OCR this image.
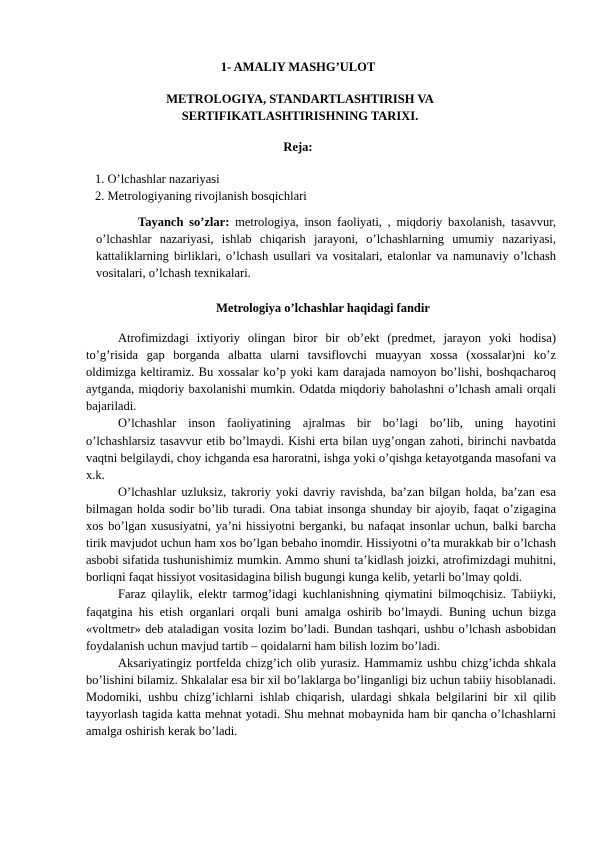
1- AMALIY MASHG’ULOT
METROLOGIYA, STANDARTLASHTIRISH VA
SERTIFIKATLASHTIRISHNING TARIXI.
Reja:
1. O’lchashlar nazariyasi
2. Metrologiyaning rivojlanish bosqichlari
Tayanch so’zlar: metrologiya, inson faoliyati, , miqdoriy baxolanish, tasavvur, o’lchashlar nazariyasi, ishlab chiqarish jarayoni, o’lchashlarning umumiy nazariyasi, kattaliklarning birliklari, o’lchash usullari va vositalari, etalonlar va namunaviy o’lchash vositalari, o’lchash texnikalari.
Metrologiya o’lchashlar haqidagi fandir

Atrofimizdagi ixtiyoriy olingan biror bir ob’ekt (predmet, jarayon yoki hodisa) to’g’risida gap borganda albatta ularni tavsiflovchi muayyan xossa (xossalar)ni ko’z oldimizga keltiramiz. Bu xossalar ko’p yoki kam darajada namoyon bo’lishi, boshqacharoq aytganda, miqdoriy baxolanishi mumkin. Odatda miqdoriy baholashni o’lchash amali orqali bajariladi.

O’lchashlar inson faoliyatining ajralmas bir bo’lagi bo’lib, uning hayotini o’lchashlarsiz tasavvur etib bo’lmaydi. Kishi erta bilan uyg’ongan zahoti, birinchi navbatda vaqtni belgilaydi, choy ichganda esa haroratni, ishga yoki o’qishga ketayotganda masofani va x.k.

O’lchashlar uzluksiz, takroriy yoki davriy ravishda, ba’zan bilgan holda, ba’zan esa bilmagan holda sodir bo’lib turadi. Ona tabiat insonga shunday bir ajoyib, faqat o’zigagina xos bo’lgan xususiyatni, ya’ni hissiyotni berganki, bu nafaqat insonlar uchun, balki barcha tirik mavjudot uchun ham xos bo’lgan bebaho inomdir. Hissiyotni o’ta murakkab bir o’lchash asbobi sifatida tushunishimiz mumkin. Ammo shuni ta’kidlash joizki, atrofimizdagi muhitni, borliqni faqat hissiyot vositasidagina bilish bugungi kunga kelib, yetarli bo’lmay qoldi.

Faraz qilaylik, elektr tarmog’idagi kuchlanishning qiymatini bilmoqchisiz. Tabiiyki, faqatgina his etish organlari orqali buni amalga oshirib bo’lmaydi. Buning uchun bizga «voltmetr» deb ataladigan vosita lozim bo’ladi. Bundan tashqari, ushbu o’lchash asbobidan foydalanish uchun mavjud tartib – qoidalarni ham bilish lozim bo’ladi.

Aksariyatingiz portfelda chizg’ich olib yurasiz. Hammamiz ushbu chizg’ichda shkala bo’lishini bilamiz. Shkalalar esa bir xil bo’laklarga bo’linganligi biz uchun tabiiy hisoblanadi. Modomiki, ushbu chizg’ichlarni ishlab chiqarish, ulardagi shkala belgilarini bir xil qilib tayyorlash tagida katta mehnat yotadi. Shu mehnat mobaynida ham bir qancha o’lchashlarni amalga oshirish kerak bo’ladi.
